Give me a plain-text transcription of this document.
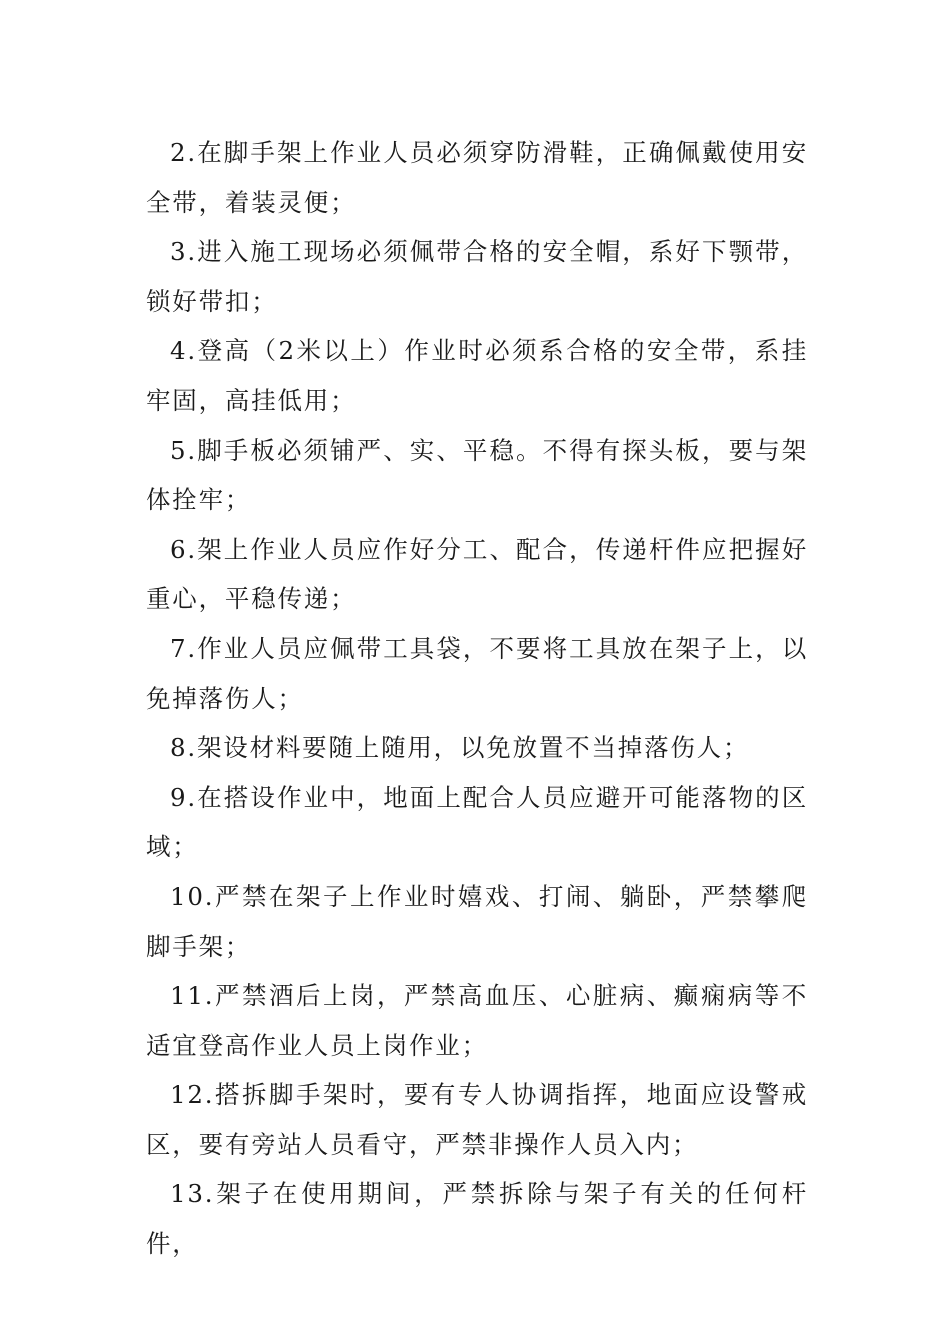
2.在脚手架上作业人员必须穿防滑鞋，正确佩戴使用安全带，着装灵便；

3.进入施工现场必须佩带合格的安全帽，系好下颚带，锁好带扣；

4.登高（2米以上）作业时必须系合格的安全带，系挂牢固，高挂低用；

5.脚手板必须铺严、实、平稳。不得有探头板，要与架体拴牢；

6.架上作业人员应作好分工、配合，传递杆件应把握好重心，平稳传递；

7.作业人员应佩带工具袋，不要将工具放在架子上，以免掉落伤人；

8.架设材料要随上随用，以免放置不当掉落伤人；

9.在搭设作业中，地面上配合人员应避开可能落物的区域；

10.严禁在架子上作业时嬉戏、打闹、躺卧，严禁攀爬脚手架；

11.严禁酒后上岗，严禁高血压、心脏病、癫痫病等不适宜登高作业人员上岗作业；

12.搭拆脚手架时，要有专人协调指挥，地面应设警戒区，要有旁站人员看守，严禁非操作人员入内；

13.架子在使用期间，严禁拆除与架子有关的任何杆件，
